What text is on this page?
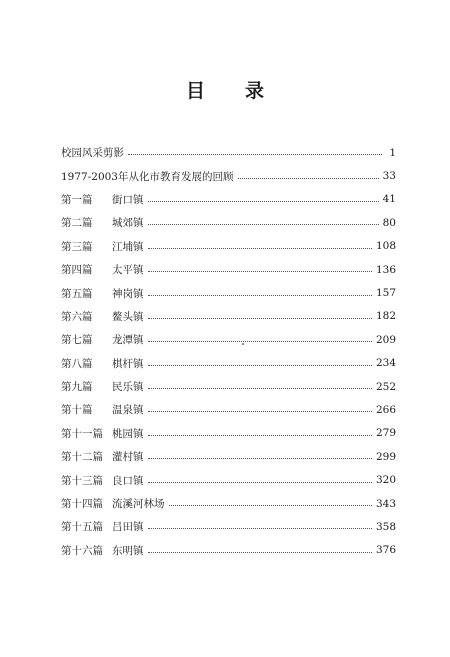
目 录
校园风采剪影	1
1977-2003年从化市教育发展的回顾	33
第一篇	街口镇	41
第二篇	城郊镇	80
第三篇	江埔镇	108
第四篇	太平镇	136
第五篇	神岗镇	157
第六篇	鳌头镇	182
第七篇	龙潭镇	209
第八篇	棋杆镇	234
第九篇	民乐镇	252
第十篇	温泉镇	266
第十一篇 桃园镇	279
第十二篇 灌村镇	299
第十三篇 良口镇	320
第十四篇 流溪河林场	343
第十五篇 吕田镇	358
第十六篇 东明镇	376
